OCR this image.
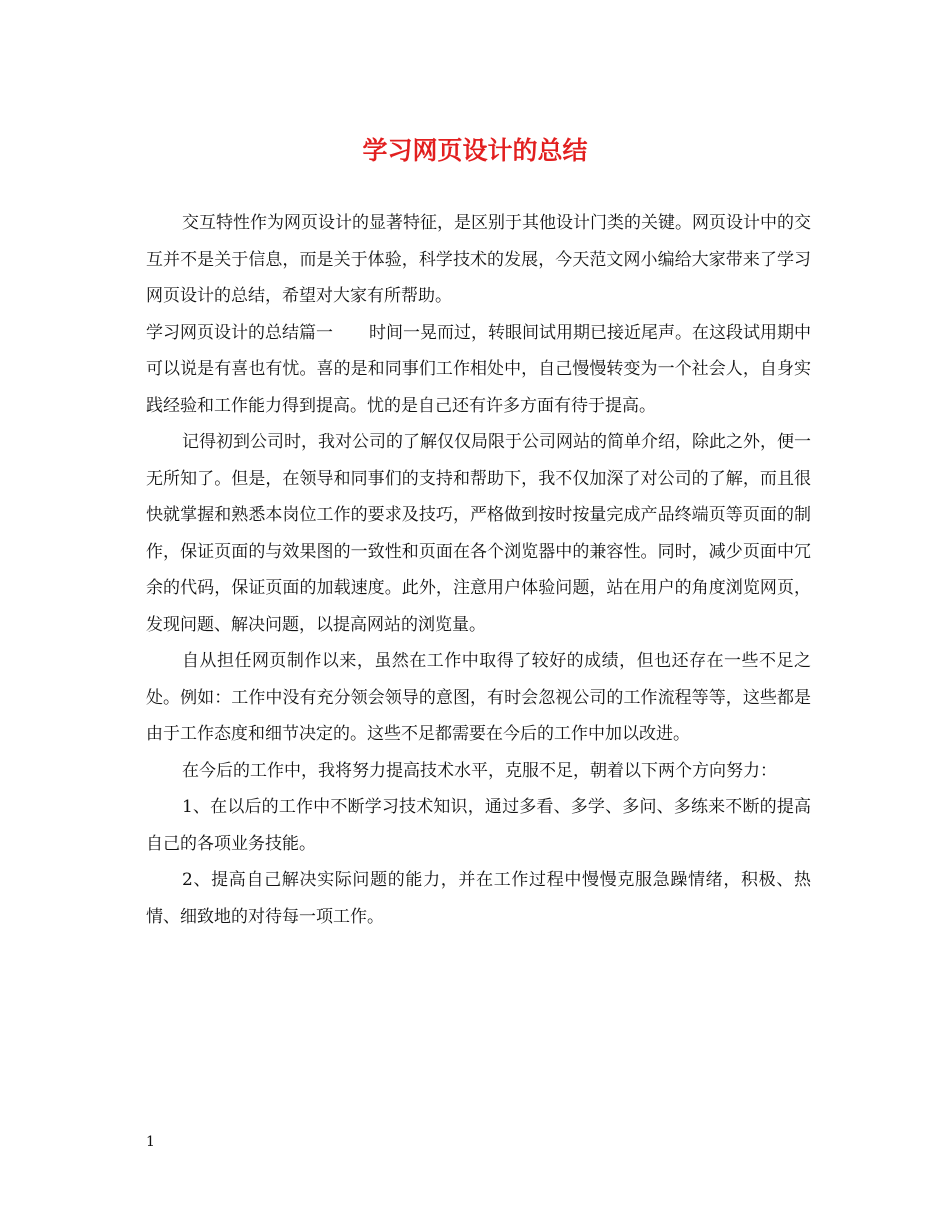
学习网页设计的总结

交互特性作为网页设计的显著特征，是区别于其他设计门类的关键。网页设计中的交互并不是关于信息，而是关于体验，科学技术的发展，今天范文网小编给大家带来了学习网页设计的总结，希望对大家有所帮助。

学习网页设计的总结篇一 时间一晃而过，转眼间试用期已接近尾声。在这段试用期中可以说是有喜也有忧。喜的是和同事们工作相处中，自己慢慢转变为一个社会人，自身实践经验和工作能力得到提高。忧的是自己还有许多方面有待于提高。

记得初到公司时，我对公司的了解仅仅局限于公司网站的简单介绍，除此之外，便一无所知了。但是，在领导和同事们的支持和帮助下，我不仅加深了对公司的了解，而且很快就掌握和熟悉本岗位工作的要求及技巧，严格做到按时按量完成产品终端页等页面的制作，保证页面的与效果图的一致性和页面在各个浏览器中的兼容性。同时，减少页面中冗余的代码，保证页面的加载速度。此外，注意用户体验问题，站在用户的角度浏览网页，发现问题、解决问题，以提高网站的浏览量。

自从担任网页制作以来，虽然在工作中取得了较好的成绩，但也还存在一些不足之处。例如：工作中没有充分领会领导的意图，有时会忽视公司的工作流程等等，这些都是由于工作态度和细节决定的。这些不足都需要在今后的工作中加以改进。

在今后的工作中，我将努力提高技术水平，克服不足，朝着以下两个方向努力：

1、在以后的工作中不断学习技术知识，通过多看、多学、多问、多练来不断的提高自己的各项业务技能。

2、提高自己解决实际问题的能力，并在工作过程中慢慢克服急躁情绪，积极、热情、细致地的对待每一项工作。

1
